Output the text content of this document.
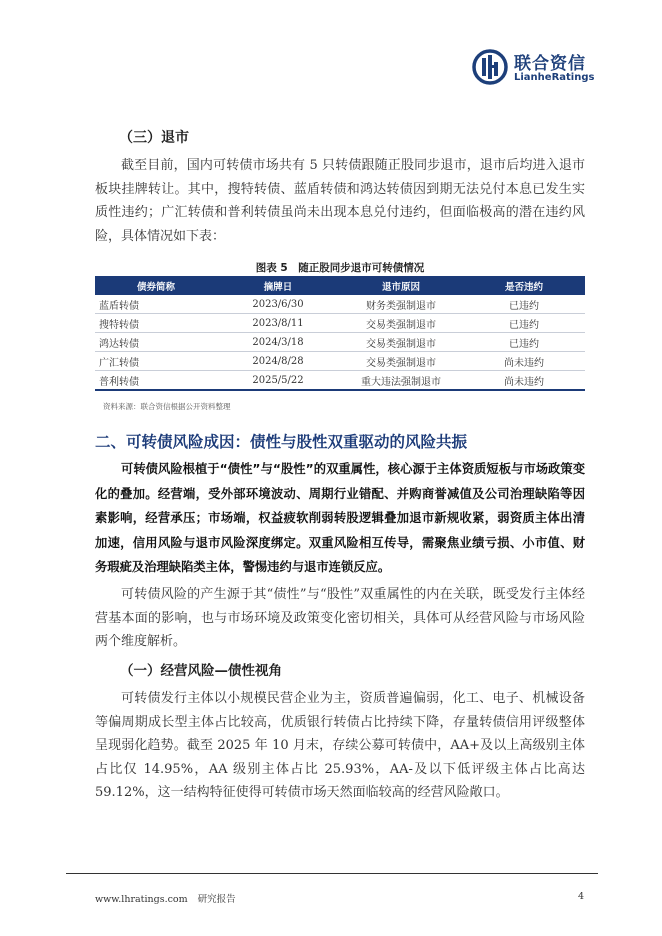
联合资信
LianheRatings
（三）退市

截至目前，国内可转债市场共有 5 只转债跟随正股同步退市，退市后均进入退市板块挂牌转让。其中，搜特转债、蓝盾转债和鸿达转债因到期无法兑付本息已发生实质性违约；广汇转债和普利转债虽尚未出现本息兑付违约，但面临极高的潜在违约风险，具体情况如下表：

图表 5　随正股同步退市可转债情况
债券简称	摘牌日	退市原因	是否违约
蓝盾转债	2023/6/30	财务类强制退市	已违约
搜特转债	2023/8/11	交易类强制退市	已违约
鸿达转债	2024/3/18	交易类强制退市	已违约
广汇转债	2024/8/28	交易类强制退市	尚未违约
普利转债	2025/5/22	重大违法强制退市	尚未违约
资料来源：联合资信根据公开资料整理
二、可转债风险成因：债性与股性双重驱动的风险共振

可转债风险根植于“债性”与“股性”的双重属性，核心源于主体资质短板与市场政策变化的叠加。经营端，受外部环境波动、周期行业错配、并购商誉减值及公司治理缺陷等因素影响，经营承压；市场端，权益疲软削弱转股逻辑叠加退市新规收紧，弱资质主体出清加速，信用风险与退市风险深度绑定。双重风险相互传导，需聚焦业绩亏损、小市值、财务瑕疵及治理缺陷类主体，警惕违约与退市连锁反应。

可转债风险的产生源于其“债性”与“股性”双重属性的内在关联，既受发行主体经营基本面的影响，也与市场环境及政策变化密切相关，具体可从经营风险与市场风险两个维度解析。

（一）经营风险—债性视角

可转债发行主体以小规模民营企业为主，资质普遍偏弱，化工、电子、机械设备等偏周期成长型主体占比较高，优质银行转债占比持续下降，存量转债信用评级整体呈现弱化趋势。截至 2025 年 10 月末，存续公募可转债中，AA+及以上高级别主体占比仅 14.95%，AA 级别主体占比 25.93%，AA-及以下低评级主体占比高达 59.12%，这一结构特征使得可转债市场天然面临较高的经营风险敞口。

www.lhratings.com 研究报告	4
